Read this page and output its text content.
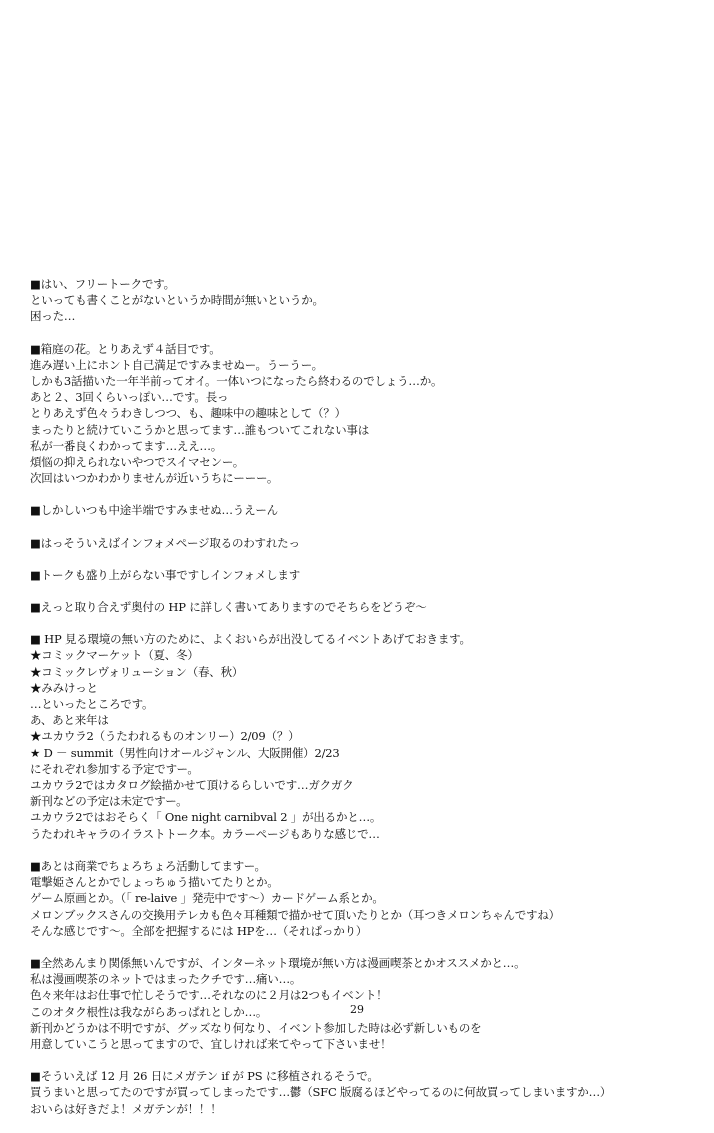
■はい、フリートークです。
といっても書くことがないというか時間が無いというか。
困った…
■箱庭の花。とりあえず４話目です。
進み遅い上にホント自己満足ですみませぬー。うーうー。
しかも3話描いた一年半前ってオイ。一体いつになったら終わるのでしょう…か。
あと２、3回くらいっぽい…です。長っ
とりあえず色々うわきしつつ、も、趣味中の趣味として（？）
まったりと続けていこうかと思ってます…誰もついてこれない事は
私が一番良くわかってます…ええ…。
煩悩の抑えられないやつでスイマセンー。
次回はいつかわかりませんが近いうちにーーー。
■しかしいつも中途半端ですみませぬ…うえーん
■はっそういえばインフォメページ取るのわすれたっ
■トークも盛り上がらない事ですしインフォメします
■えっと取り合えず奥付の HP に詳しく書いてありますのでそちらをどうぞ〜
■ HP 見る環境の無い方のために、よくおいらが出没してるイベントあげておきます。
★コミックマーケット（夏、冬）
★コミックレヴォリューション（春、秋）
★みみけっと
…といったところです。
あ、あと来年は
★ユカウラ2（うたわれるものオンリー）2/09（？）
★ D － summit（男性向けオールジャンル、大阪開催）2/23
にそれぞれ参加する予定ですー。
ユカウラ2ではカタログ絵描かせて頂けるらしいです…ガクガク
新刊などの予定は未定ですー。
ユカウラ2ではおそらく「 One night carnibval 2 」が出るかと…。
うたわれキャラのイラストトーク本。カラーページもありな感じで…
■あとは商業でちょろちょろ活動してますー。
電撃姫さんとかでしょっちゅう描いてたりとか。
ゲーム原画とか。（「 re-laive 」発売中です〜）カードゲーム系とか。
メロンブックスさんの交換用テレカも色々耳種類で描かせて頂いたりとか（耳つきメロンちゃんですね）
そんな感じです〜。全部を把握するには HPを…（それぱっかり）
■全然あんまり関係無いんですが、インターネット環境が無い方は漫画喫茶とかオススメかと…。
私は漫画喫茶のネットではまったクチです…痛い…。
色々来年はお仕事で忙しそうです…それなのに２月は2つもイベント！
このオタク根性は我ながらあっぱれとしか…。
新刊かどうかは不明ですが、グッズなり何なり、イベント参加した時は必ず新しいものを
用意していこうと思ってますので、宜しければ来てやって下さいませ！
■そういえば 12 月 26 日にメガテン if が PS に移植されるそうで。
買うまいと思ってたのですが買ってしまったです…鬱（SFC 版腐るほどやってるのに何故買ってしまいますか…）
おいらは好きだよ！メガテンが！！！
29
